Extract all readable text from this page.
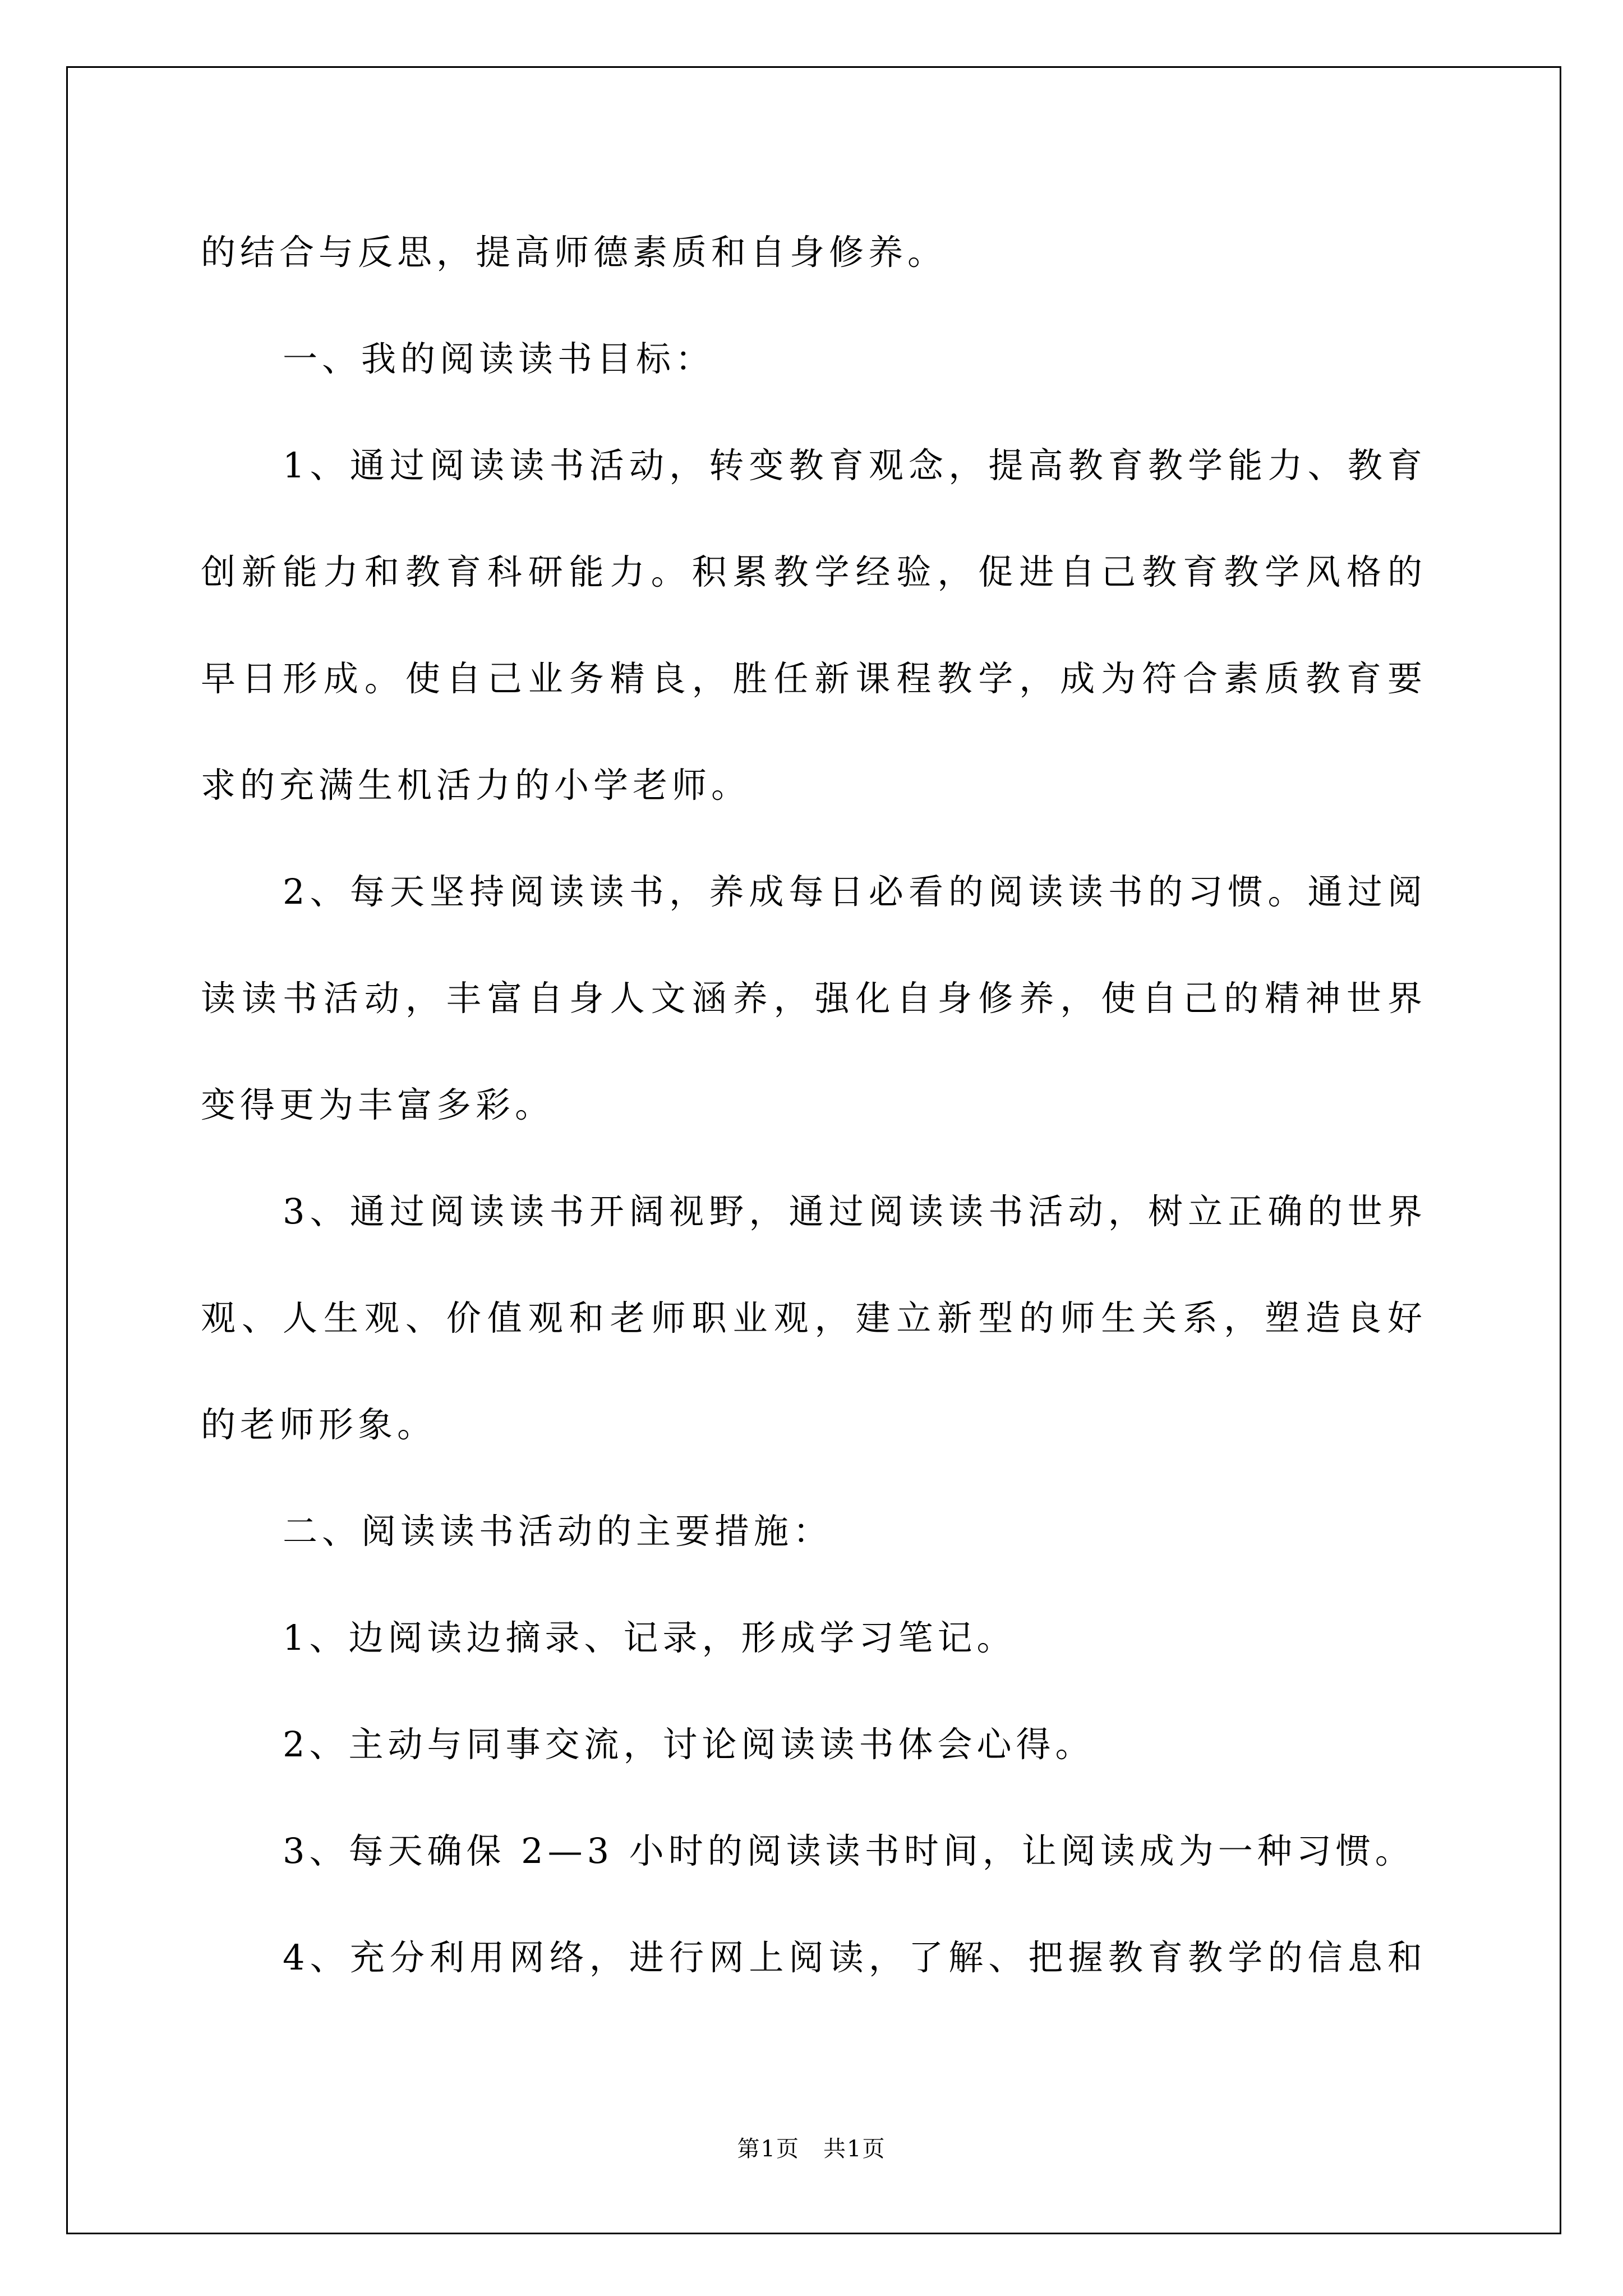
的结合与反思，提高师德素质和自身修养。
一、我的阅读读书目标：
1、通过阅读读书活动，转变教育观念，提高教育教学能力、教育
创新能力和教育科研能力。积累教学经验，促进自己教育教学风格的
早日形成。使自己业务精良，胜任新课程教学，成为符合素质教育要
求的充满生机活力的小学老师。
2、每天坚持阅读读书，养成每日必看的阅读读书的习惯。通过阅
读读书活动，丰富自身人文涵养，强化自身修养，使自己的精神世界
变得更为丰富多彩。
3、通过阅读读书开阔视野，通过阅读读书活动，树立正确的世界
观、人生观、价值观和老师职业观，建立新型的师生关系，塑造良好
的老师形象。
二、阅读读书活动的主要措施：
1、边阅读边摘录、记录，形成学习笔记。
2、主动与同事交流，讨论阅读读书体会心得。
3、每天确保 2—3 小时的阅读读书时间，让阅读成为一种习惯。
4、充分利用网络，进行网上阅读，了解、把握教育教学的信息和
第1页　共1页
